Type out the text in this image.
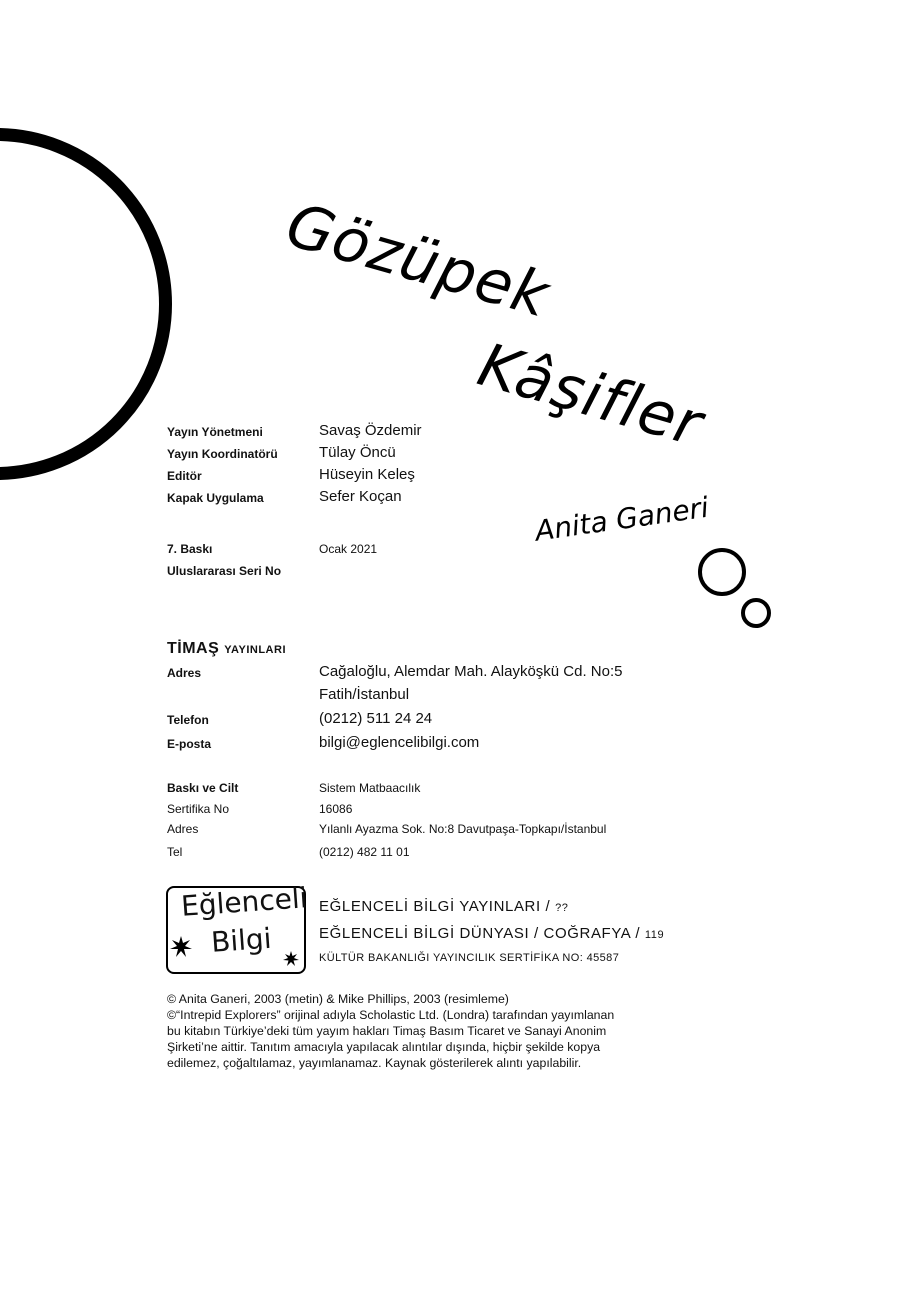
Gözüpek
Kâşifler
Anita Ganeri
Yayın Yönetmeni	Savaş Özdemir
Yayın Koordinatörü	Tülay Öncü
Editör	Hüseyin Keleş
Kapak Uygulama	Sefer Koçan
7. Baskı	Ocak 2021
Uluslararası Seri No
TİMAŞ YAYINLARI
Adres	Cağaloğlu, Alemdar Mah. Alayköşkü Cd. No:5
Fatih/İstanbul
Telefon	(0212) 511 24 24
E-posta	bilgi@eglencelibilgi.com
Baskı ve Cilt	Sistem Matbaacılık
Sertifika No	16086
Adres	Yılanlı Ayazma Sok. No:8 Davutpaşa-Topkapı/İstanbul
Tel	(0212) 482 11 01
Eğlenceli
Bilgi
EĞLENCELİ BİLGİ YAYINLARI / ??
EĞLENCELİ BİLGİ DÜNYASI / COĞRAFYA / 119
KÜLTÜR BAKANLIĞI YAYINCILIK SERTİFİKA NO: 45587
© Anita Ganeri, 2003 (metin) & Mike Phillips, 2003 (resimleme)
©“Intrepid Explorers” orijinal adıyla Scholastic Ltd. (Londra) tarafından yayımlanan
bu kitabın Türkiye’deki tüm yayım hakları Timaş Basım Ticaret ve Sanayi Anonim
Şirketi’ne aittir. Tanıtım amacıyla yapılacak alıntılar dışında, hiçbir şekilde kopya
edilemez, çoğaltılamaz, yayımlanamaz. Kaynak gösterilerek alıntı yapılabilir.
